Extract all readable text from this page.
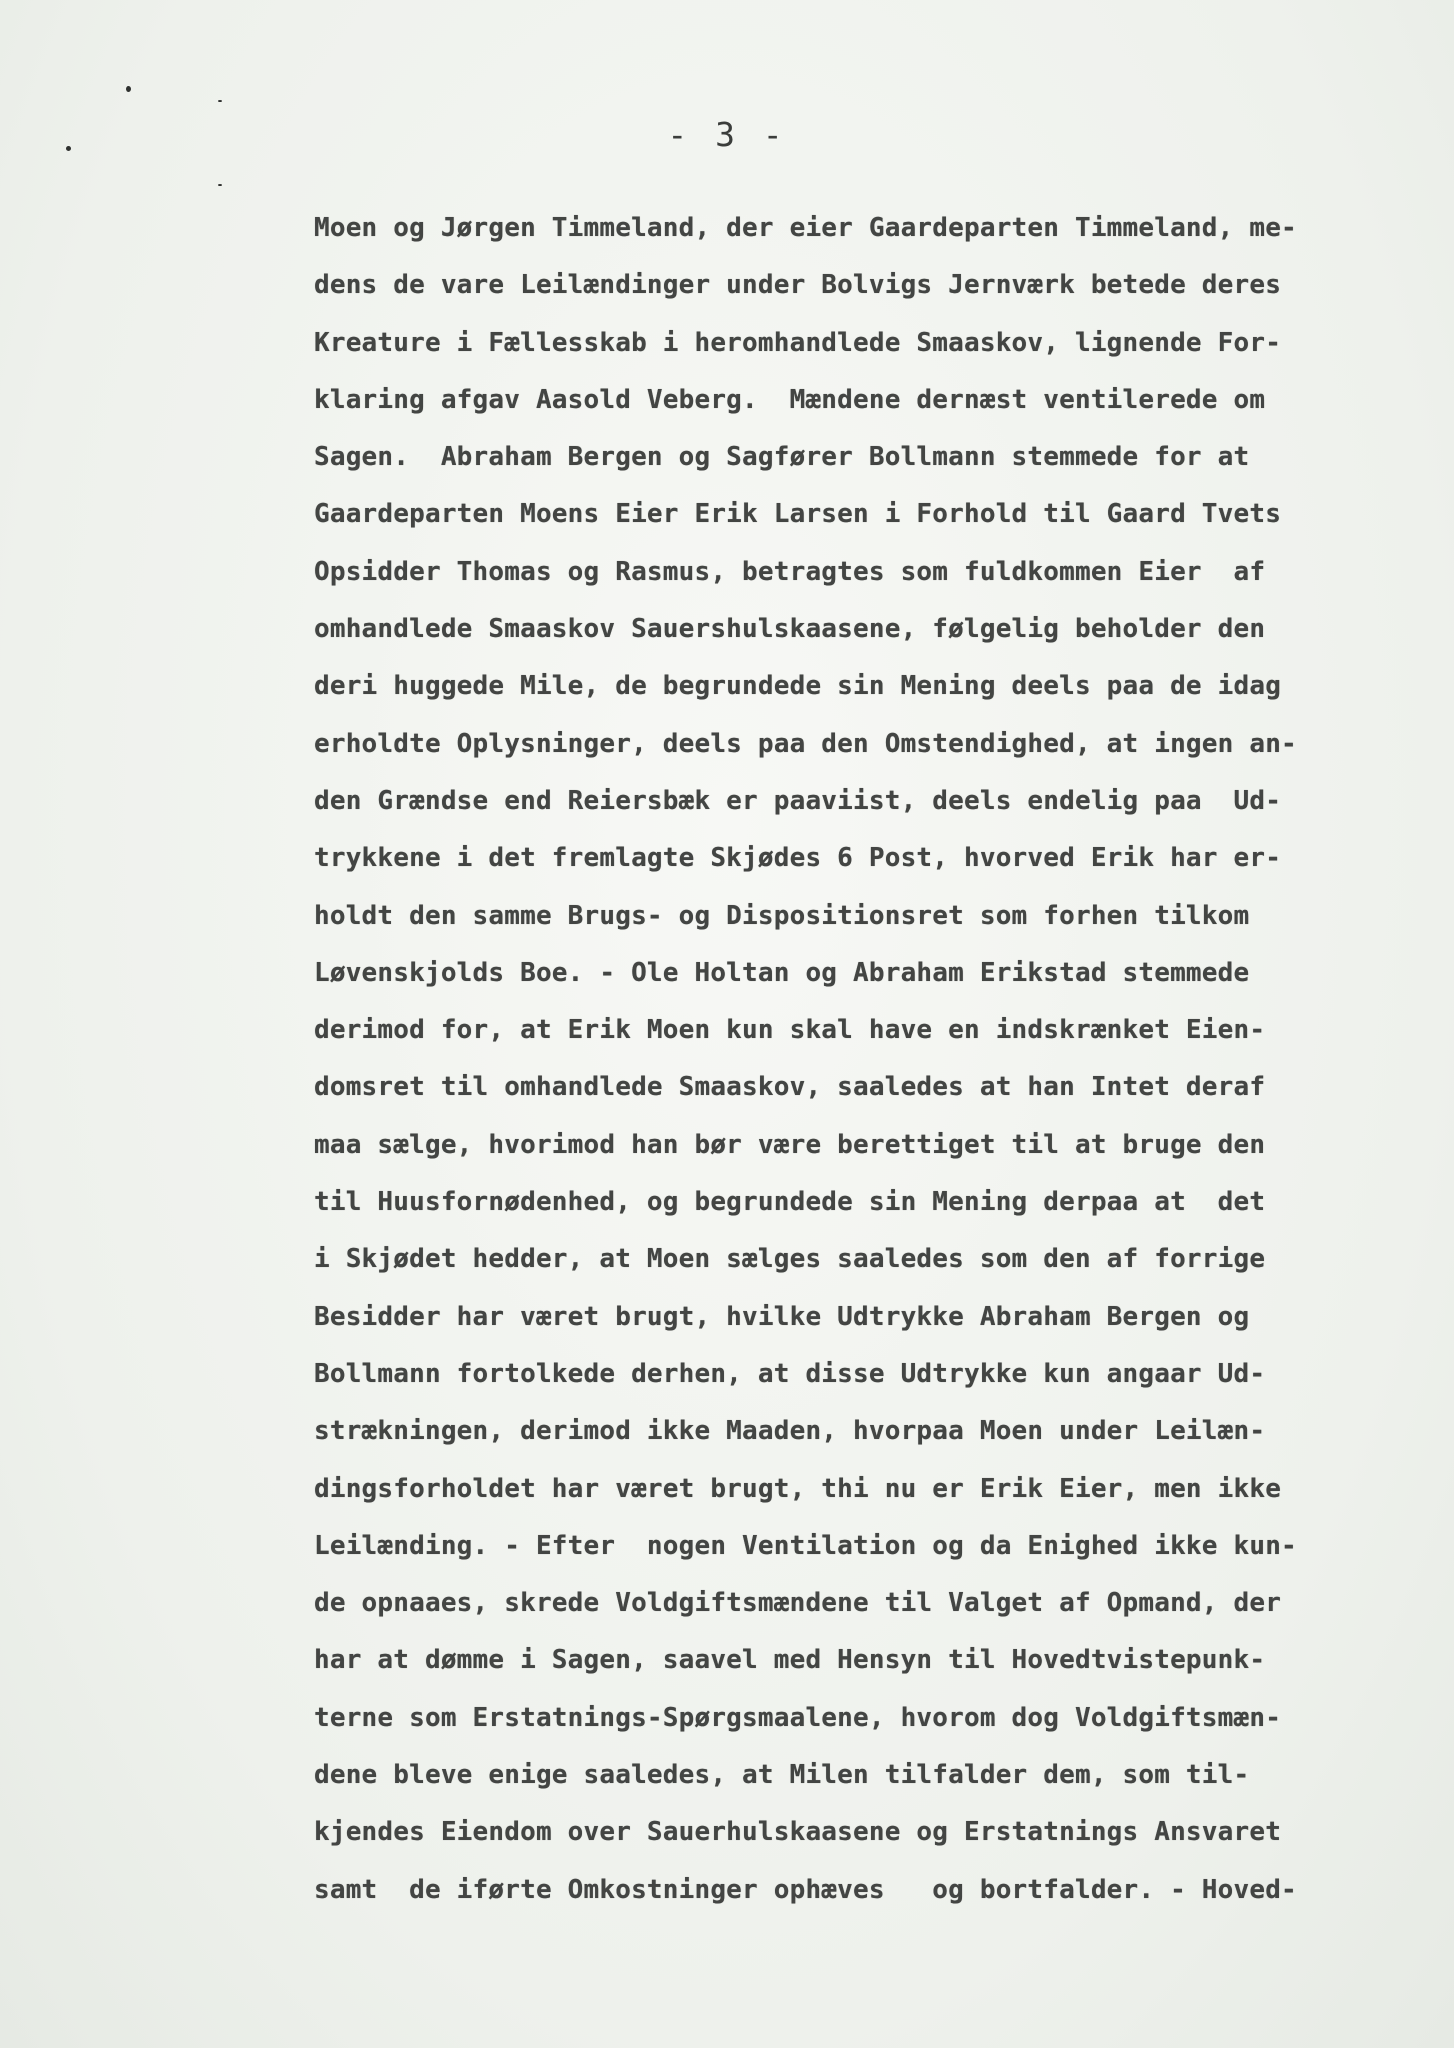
- 3 -

Moen og Jørgen Timmeland, der eier Gaardeparten Timmeland, me-
dens de vare Leilændinger under Bolvigs Jernværk betede deres
Kreature i Fællesskab i heromhandlede Smaaskov, lignende For-
klaring afgav Aasold Veberg.  Mændene dernæst ventilerede om
Sagen.  Abraham Bergen og Sagfører Bollmann stemmede for at
Gaardeparten Moens Eier Erik Larsen i Forhold til Gaard Tvets
Opsidder Thomas og Rasmus, betragtes som fuldkommen Eier  af
omhandlede Smaaskov Sauershulskaasene, følgelig beholder den
deri huggede Mile, de begrundede sin Mening deels paa de idag
erholdte Oplysninger, deels paa den Omstendighed, at ingen an-
den Grændse end Reiersbæk er paaviist, deels endelig paa  Ud-
trykkene i det fremlagte Skjødes 6 Post, hvorved Erik har er-
holdt den samme Brugs- og Dispositionsret som forhen tilkom
Løvenskjolds Boe. - Ole Holtan og Abraham Erikstad stemmede
derimod for, at Erik Moen kun skal have en indskrænket Eien-
domsret til omhandlede Smaaskov, saaledes at han Intet deraf
maa sælge, hvorimod han bør være berettiget til at bruge den
til Huusfornødenhed, og begrundede sin Mening derpaa at  det
i Skjødet hedder, at Moen sælges saaledes som den af forrige
Besidder har været brugt, hvilke Udtrykke Abraham Bergen og
Bollmann fortolkede derhen, at disse Udtrykke kun angaar Ud-
strækningen, derimod ikke Maaden, hvorpaa Moen under Leilæn-
dingsforholdet har været brugt, thi nu er Erik Eier, men ikke
Leilænding. - Efter  nogen Ventilation og da Enighed ikke kun-
de opnaaes, skrede Voldgiftsmændene til Valget af Opmand, der
har at dømme i Sagen, saavel med Hensyn til Hovedtvistepunk-
terne som Erstatnings-Spørgsmaalene, hvorom dog Voldgiftsmæn-
dene bleve enige saaledes, at Milen tilfalder dem, som til-
kjendes Eiendom over Sauerhulskaasene og Erstatnings Ansvaret
samt  de iførte Omkostninger ophæves   og bortfalder. - Hoved-
